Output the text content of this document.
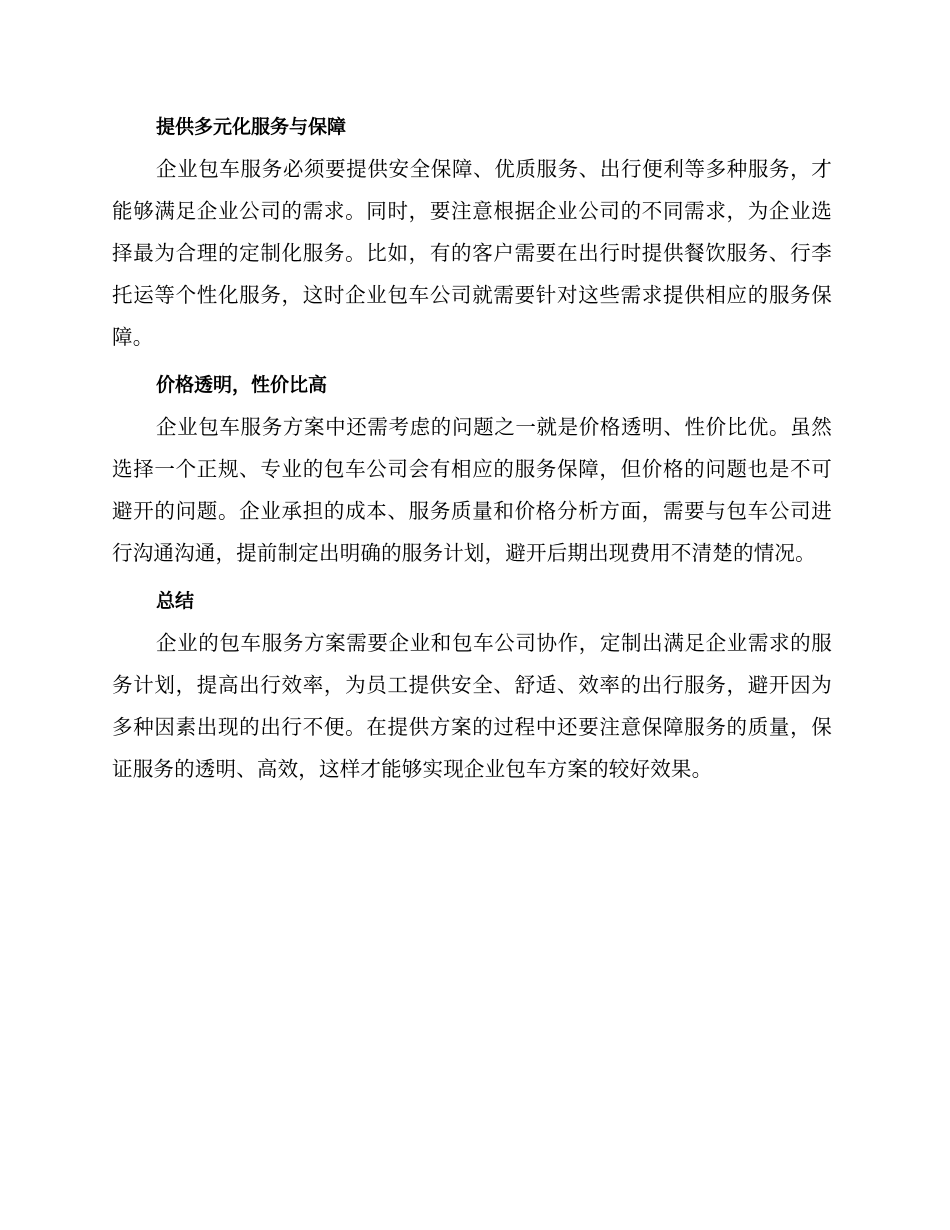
提供多元化服务与保障

企业包车服务必须要提供安全保障、优质服务、出行便利等多种服务，才能够满足企业公司的需求。同时，要注意根据企业公司的不同需求，为企业选择最为合理的定制化服务。比如，有的客户需要在出行时提供餐饮服务、行李托运等个性化服务，这时企业包车公司就需要针对这些需求提供相应的服务保障。

价格透明，性价比高

企业包车服务方案中还需考虑的问题之一就是价格透明、性价比优。虽然选择一个正规、专业的包车公司会有相应的服务保障，但价格的问题也是不可避开的问题。企业承担的成本、服务质量和价格分析方面，需要与包车公司进行沟通沟通，提前制定出明确的服务计划，避开后期出现费用不清楚的情况。

总结

企业的包车服务方案需要企业和包车公司协作，定制出满足企业需求的服务计划，提高出行效率，为员工提供安全、舒适、效率的出行服务，避开因为多种因素出现的出行不便。在提供方案的过程中还要注意保障服务的质量，保证服务的透明、高效，这样才能够实现企业包车方案的较好效果。
